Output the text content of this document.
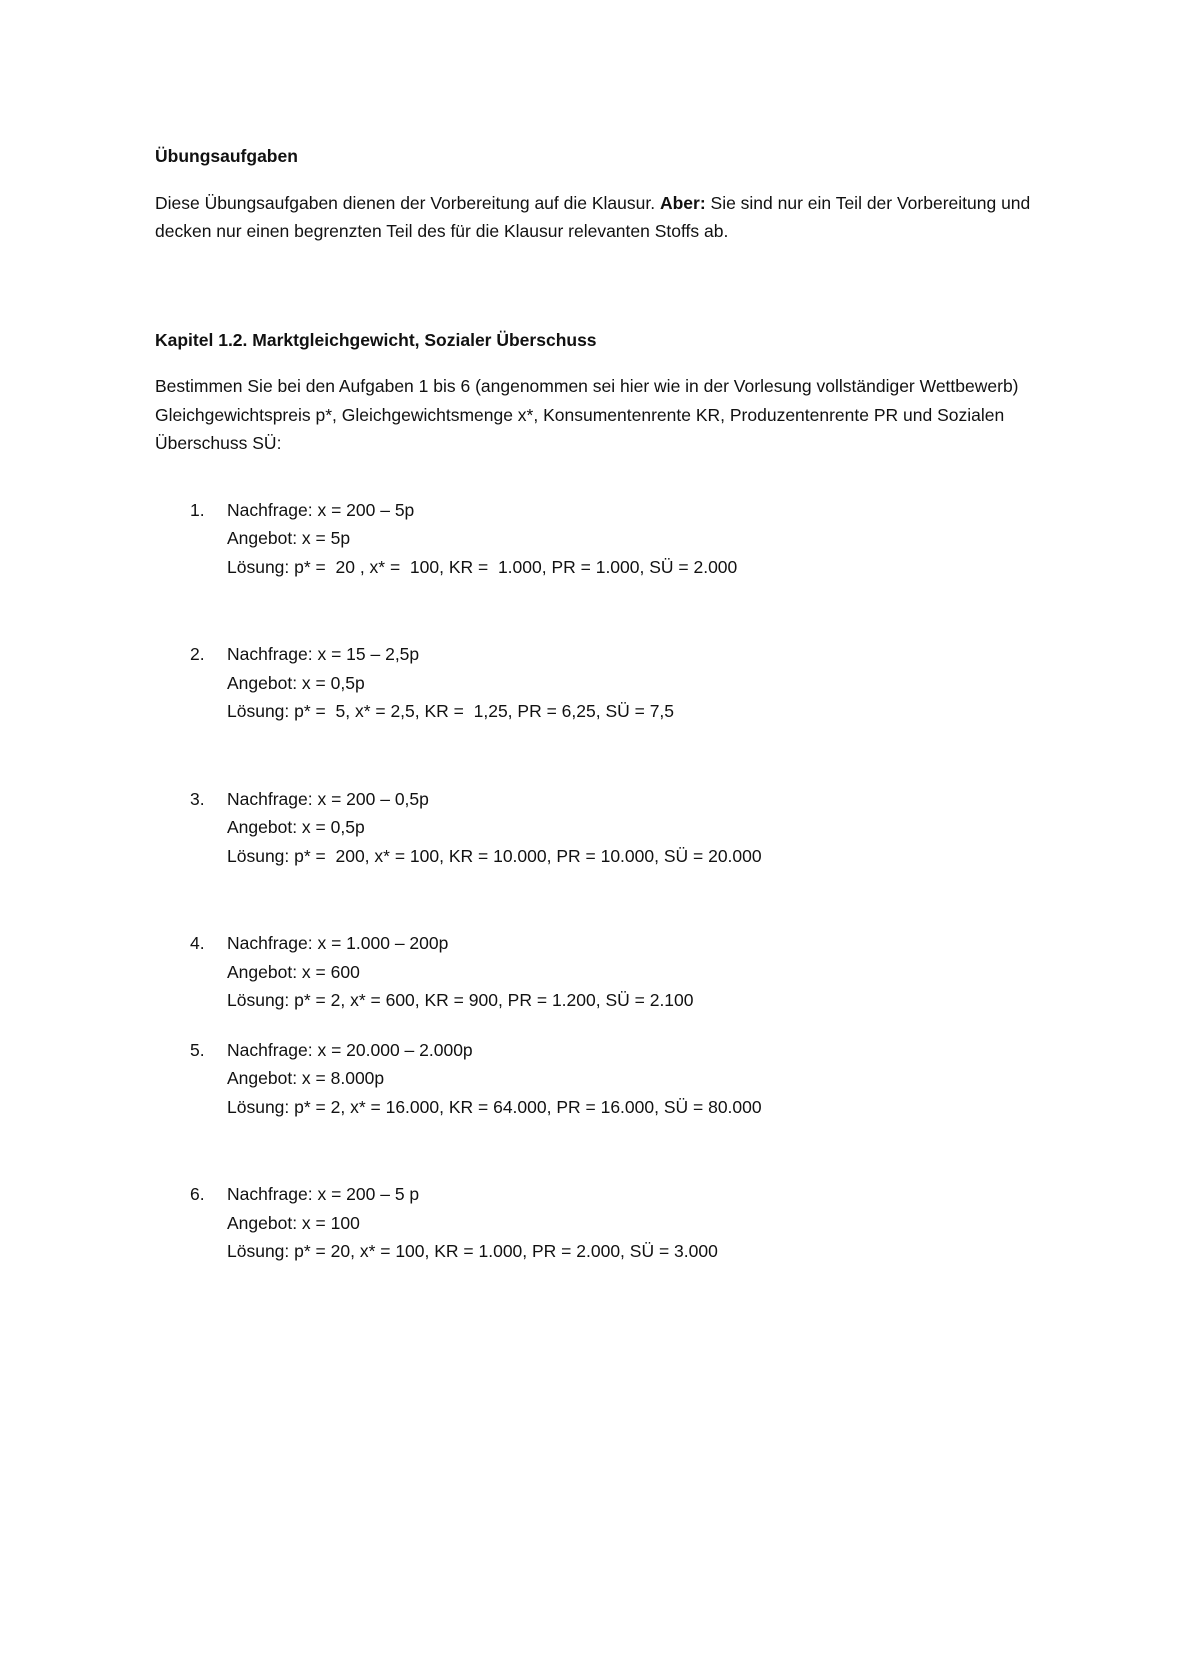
Übungsaufgaben

Diese Übungsaufgaben dienen der Vorbereitung auf die Klausur. Aber: Sie sind nur ein Teil der Vorbereitung und decken nur einen begrenzten Teil des für die Klausur relevanten Stoffs ab.

Kapitel 1.2. Marktgleichgewicht, Sozialer Überschuss

Bestimmen Sie bei den Aufgaben 1 bis 6 (angenommen sei hier wie in der Vorlesung vollständiger Wettbewerb) Gleichgewichtspreis p*, Gleichgewichtsmenge x*, Konsumentenrente KR, Produzentenrente PR und Sozialen Überschuss SÜ:

1. Nachfrage: x = 200 – 5p
Angebot: x = 5p
Lösung: p* =  20 , x* =  100, KR =  1.000, PR = 1.000, SÜ = 2.000
2. Nachfrage: x = 15 – 2,5p
Angebot: x = 0,5p
Lösung: p* =  5, x* = 2,5, KR =  1,25, PR = 6,25, SÜ = 7,5
3. Nachfrage: x = 200 – 0,5p
Angebot: x = 0,5p
Lösung: p* =  200, x* = 100, KR = 10.000, PR = 10.000, SÜ = 20.000
4. Nachfrage: x = 1.000 – 200p
Angebot: x = 600
Lösung: p* = 2, x* = 600, KR = 900, PR = 1.200, SÜ = 2.100
5. Nachfrage: x = 20.000 – 2.000p
Angebot: x = 8.000p
Lösung: p* = 2, x* = 16.000, KR = 64.000, PR = 16.000, SÜ = 80.000
6. Nachfrage: x = 200 – 5 p
Angebot: x = 100
Lösung: p* = 20, x* = 100, KR = 1.000, PR = 2.000, SÜ = 3.000
